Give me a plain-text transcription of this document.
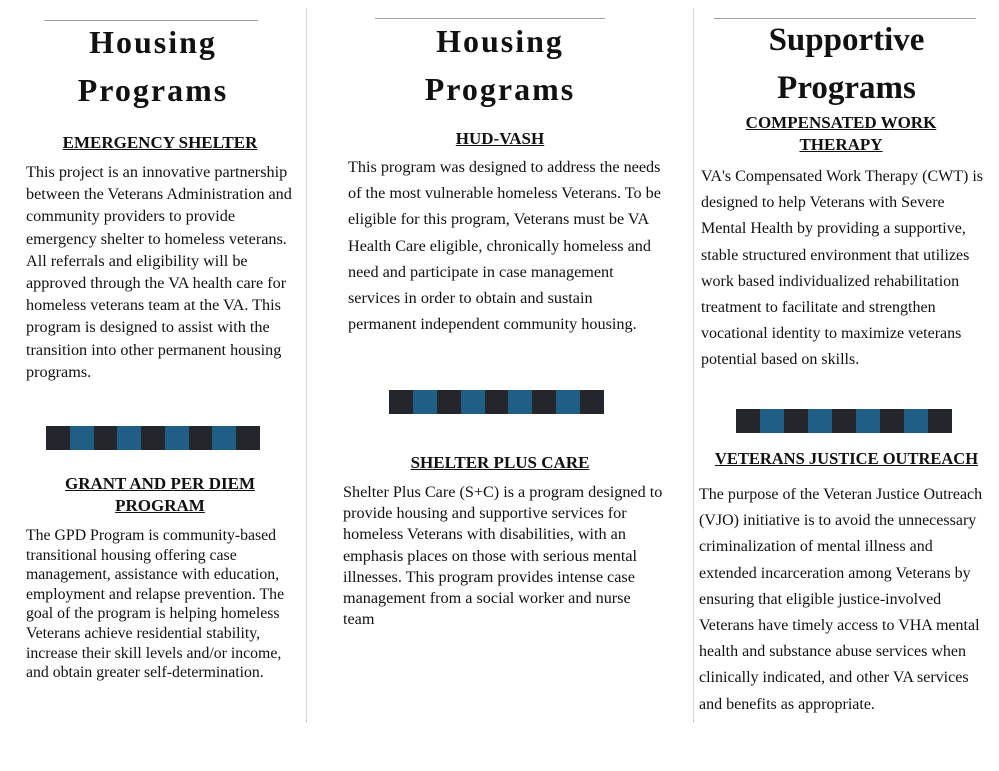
Housing
Programs
EMERGENCY SHELTER

This project is an innovative partnership between the Veterans Administration and community providers to provide emergency shelter to homeless veterans. All referrals and eligibility will be approved through the VA health care for homeless veterans team at the VA. This program is designed to assist with the transition into other permanent housing programs.

GRANT AND PER DIEM PROGRAM

The GPD Program is community-based transitional housing offering case management, assistance with education, employment and relapse prevention. The goal of the program is helping homeless Veterans achieve residential stability, increase their skill levels and/or income, and obtain greater self-determination.

Housing
Programs
HUD-VASH

This program was designed to address the needs of the most vulnerable homeless Veterans. To be eligible for this program, Veterans must be VA Health Care eligible, chronically homeless and need and participate in case management services in order to obtain and sustain permanent independent community housing.

SHELTER PLUS CARE

Shelter Plus Care (S+C) is a program designed to provide housing and supportive services for homeless Veterans with disabilities, with an emphasis places on those with serious mental illnesses. This program provides intense case management from a social worker and nurse team

Supportive
Programs
COMPENSATED WORK THERAPY

VA's Compensated Work Therapy (CWT) is designed to help Veterans with Severe Mental Health by providing a supportive, stable structured environment that utilizes work based individualized rehabilitation treatment to facilitate and strengthen vocational identity to maximize veterans potential based on skills.

VETERANS JUSTICE OUTREACH

The purpose of the Veteran Justice Outreach (VJO) initiative is to avoid the unnecessary criminalization of mental illness and extended incarceration among Veterans by ensuring that eligible justice-involved Veterans have timely access to VHA mental health and substance abuse services when clinically indicated, and other VA services and benefits as appropriate.
